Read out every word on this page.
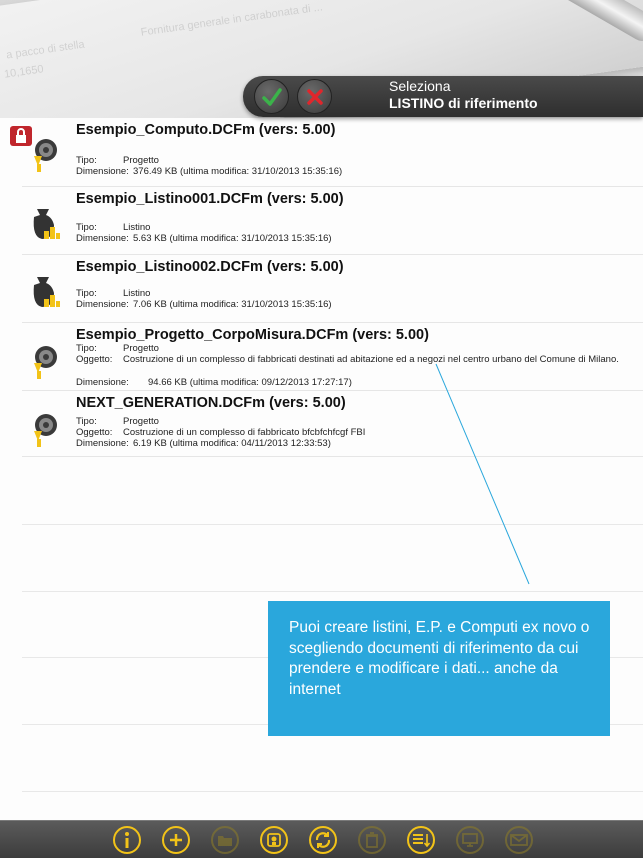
10,1650
a pacco di stella
Fornitura generale in carabonata di ...
Seleziona
LISTINO di riferimento
Esempio_Computo.DCFm (vers: 5.00)
Tipo:	Progetto
Dimensione: 376.49 KB (ultima modifica: 31/10/2013 15:35:16)
Esempio_Listino001.DCFm (vers: 5.00)
Tipo:	Listino
Dimensione: 5.63 KB (ultima modifica: 31/10/2013 15:35:16)
Esempio_Listino002.DCFm (vers: 5.00)
Tipo:	Listino
Dimensione: 7.06 KB (ultima modifica: 31/10/2013 15:35:16)
Esempio_Progetto_CorpoMisura.DCFm (vers: 5.00)
Tipo:	Progetto
Oggetto: Costruzione di un complesso di fabbricati destinati ad abitazione ed a negozi nel centro urbano del Comune di Milano.
Dimensione: 94.66 KB (ultima modifica: 09/12/2013 17:27:17)
NEXT_GENERATION.DCFm (vers: 5.00)
Tipo:	Progetto
Oggetto: Costruzione di un complesso di fabbricato bfcbfchfcgf FBI
Dimensione: 6.19 KB (ultima modifica: 04/11/2013 12:33:53)
Puoi creare listini, E.P. e Computi ex novo o scegliendo documenti di riferimento da cui prendere e modificare i dati... anche da internet
